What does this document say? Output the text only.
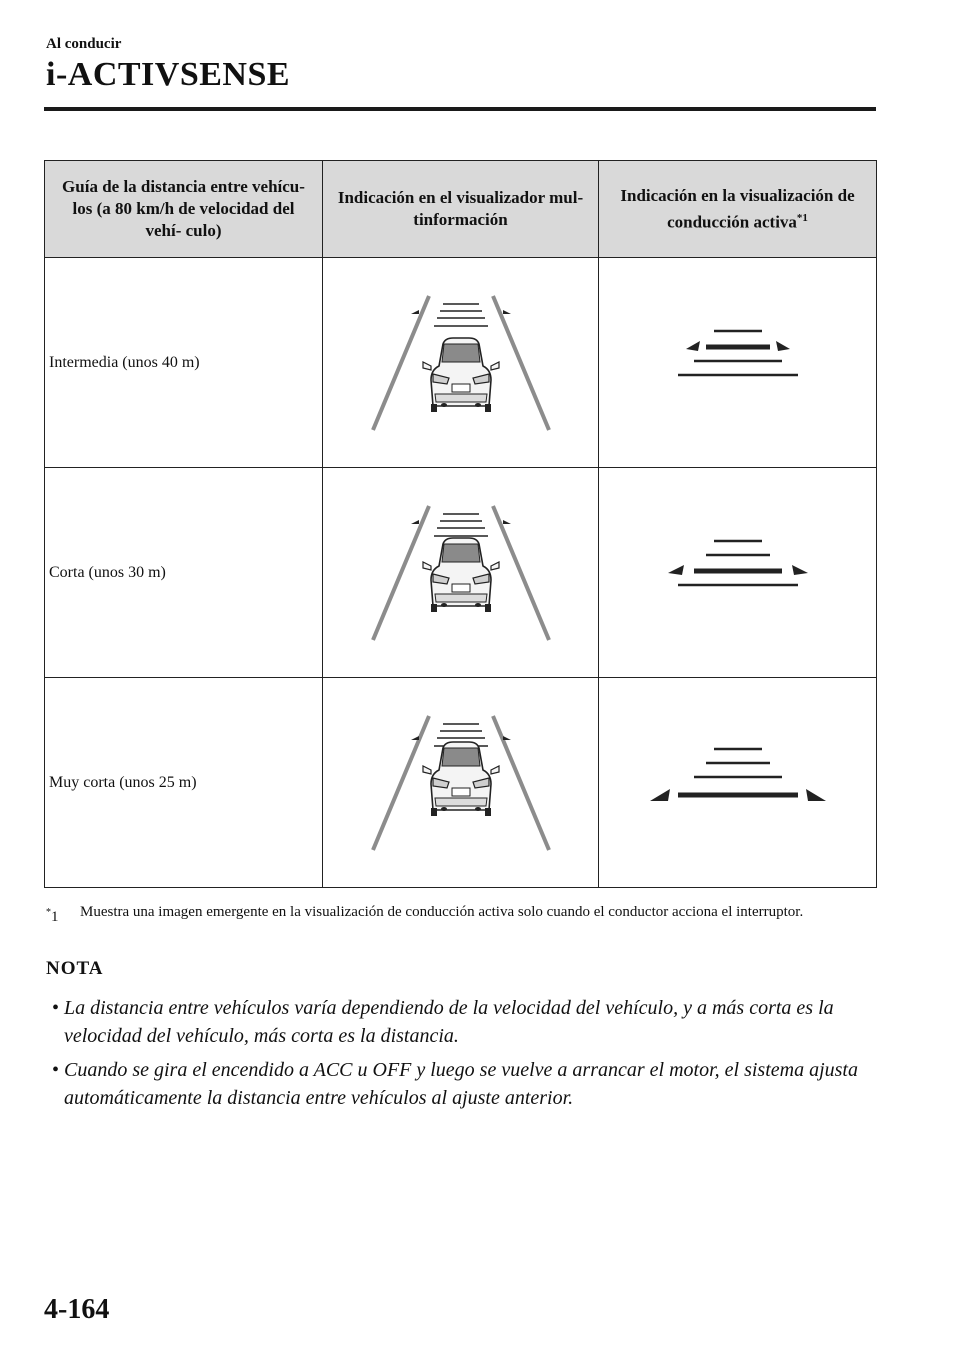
Al conducir
i-ACTIVSENSE
Guía de la distancia entre vehícu- los (a 80 km/h de velocidad del vehí- culo)	Indicación en el visualizador mul- tinformación	Indicación en la visualización de conducción activa$^{*1}$
Intermedia (unos 40 m)	

Corta (unos 30 m)	

Muy corta (unos 25 m)	

*1	Muestra una imagen emergente en la visualización de conducción activa solo cuando el conductor acciona el interruptor.
NOTA
• La distancia entre vehículos varía dependiendo de la velocidad del vehículo, y a más corta es la velocidad del vehículo, más corta es la distancia.
• Cuando se gira el encendido a ACC u OFF y luego se vuelve a arrancar el motor, el sistema ajusta automáticamente la distancia entre vehículos al ajuste anterior.
4-164
